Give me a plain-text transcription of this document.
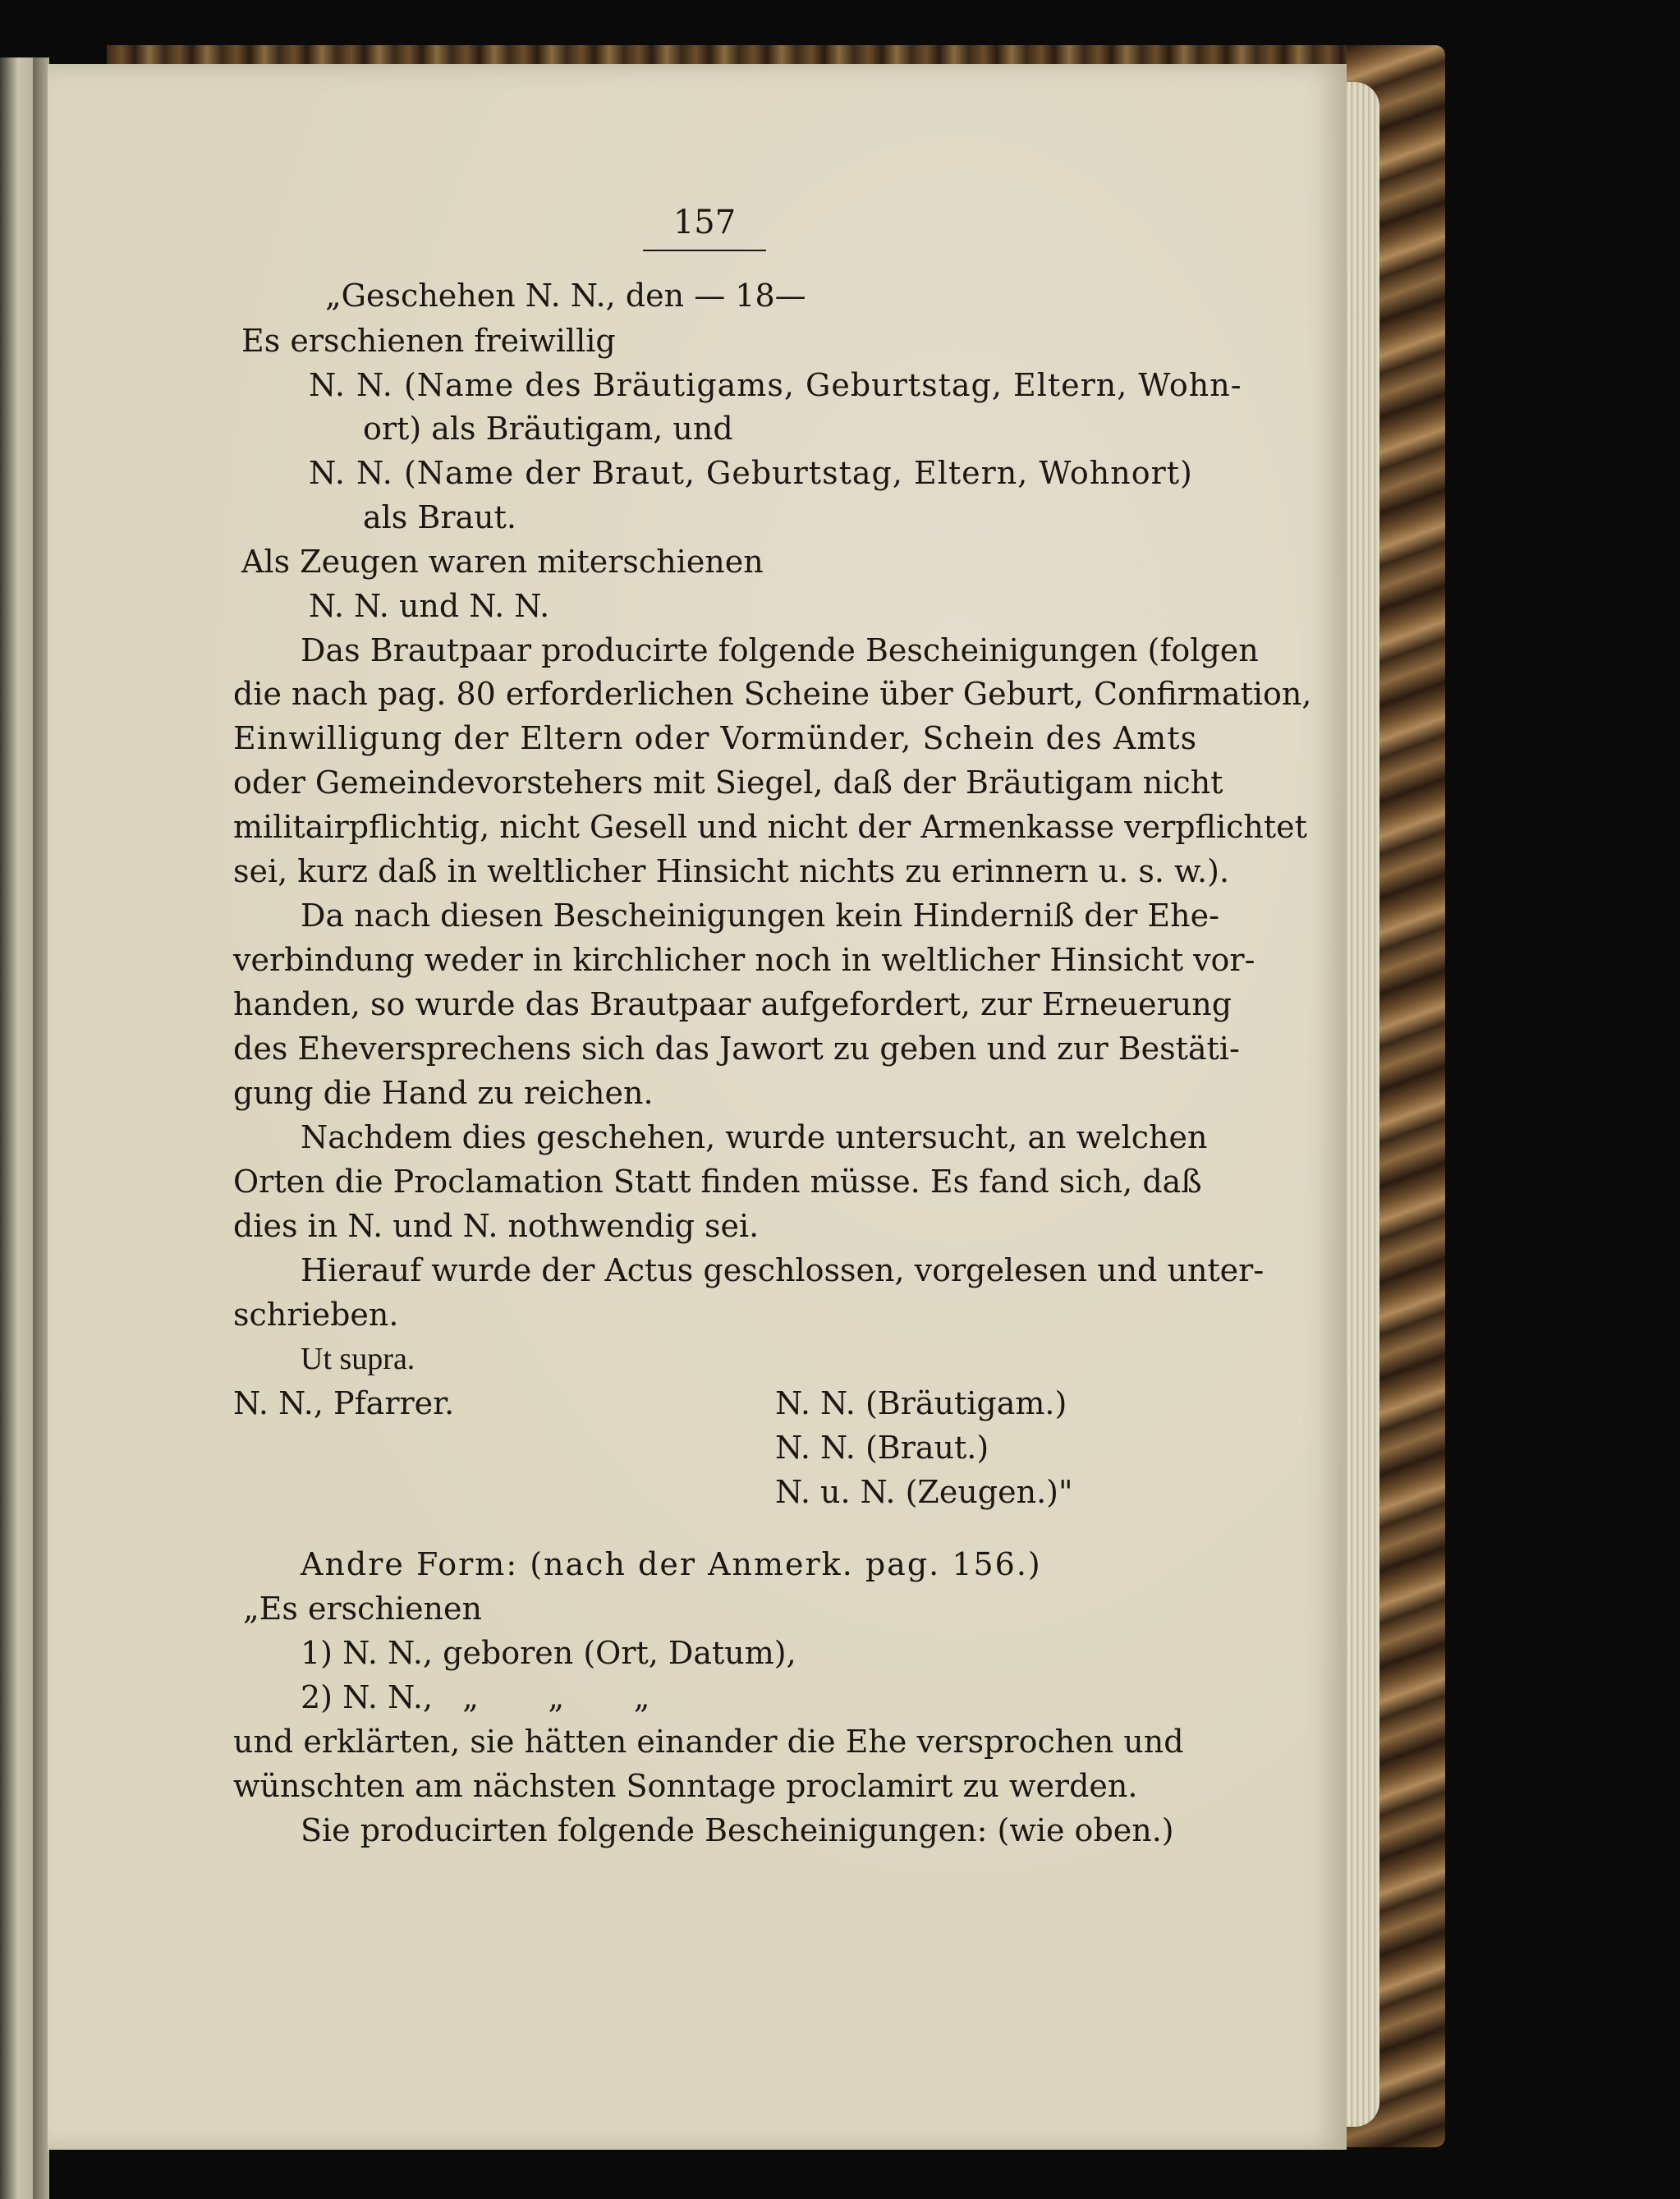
157
„Geschehen N. N., den — 18—
Es erschienen freiwillig
N. N. (Name des Bräutigams, Geburtstag, Eltern, Wohn-
ort) als Bräutigam, und
N. N. (Name der Braut, Geburtstag, Eltern, Wohnort)
als Braut.
Als Zeugen waren miterschienen
N. N. und N. N.
Das Brautpaar producirte folgende Bescheinigungen (folgen
die nach pag. 80 erforderlichen Scheine über Geburt, Confirmation,
Einwilligung der Eltern oder Vormünder, Schein des Amts
oder Gemeindevorstehers mit Siegel, daß der Bräutigam nicht
militairpflichtig, nicht Gesell und nicht der Armenkasse verpflichtet
sei, kurz daß in weltlicher Hinsicht nichts zu erinnern u. s. w.).
Da nach diesen Bescheinigungen kein Hinderniß der Ehe-
verbindung weder in kirchlicher noch in weltlicher Hinsicht vor-
handen, so wurde das Brautpaar aufgefordert, zur Erneuerung
des Eheversprechens sich das Jawort zu geben und zur Bestäti-
gung die Hand zu reichen.
Nachdem dies geschehen, wurde untersucht, an welchen
Orten die Proclamation Statt finden müsse. Es fand sich, daß
dies in N. und N. nothwendig sei.
Hierauf wurde der Actus geschlossen, vorgelesen und unter-
schrieben.
Ut supra.
N. N., Pfarrer.	N. N. (Bräutigam.)
N. N. (Braut.)
N. u. N. (Zeugen.)"
Andre Form: (nach der Anmerk. pag. 156.)
„Es erschienen
1) N. N., geboren (Ort, Datum),
2) N. N.,   „       „       „
und erklärten, sie hätten einander die Ehe versprochen und
wünschten am nächsten Sonntage proclamirt zu werden.
Sie producirten folgende Bescheinigungen: (wie oben.)
